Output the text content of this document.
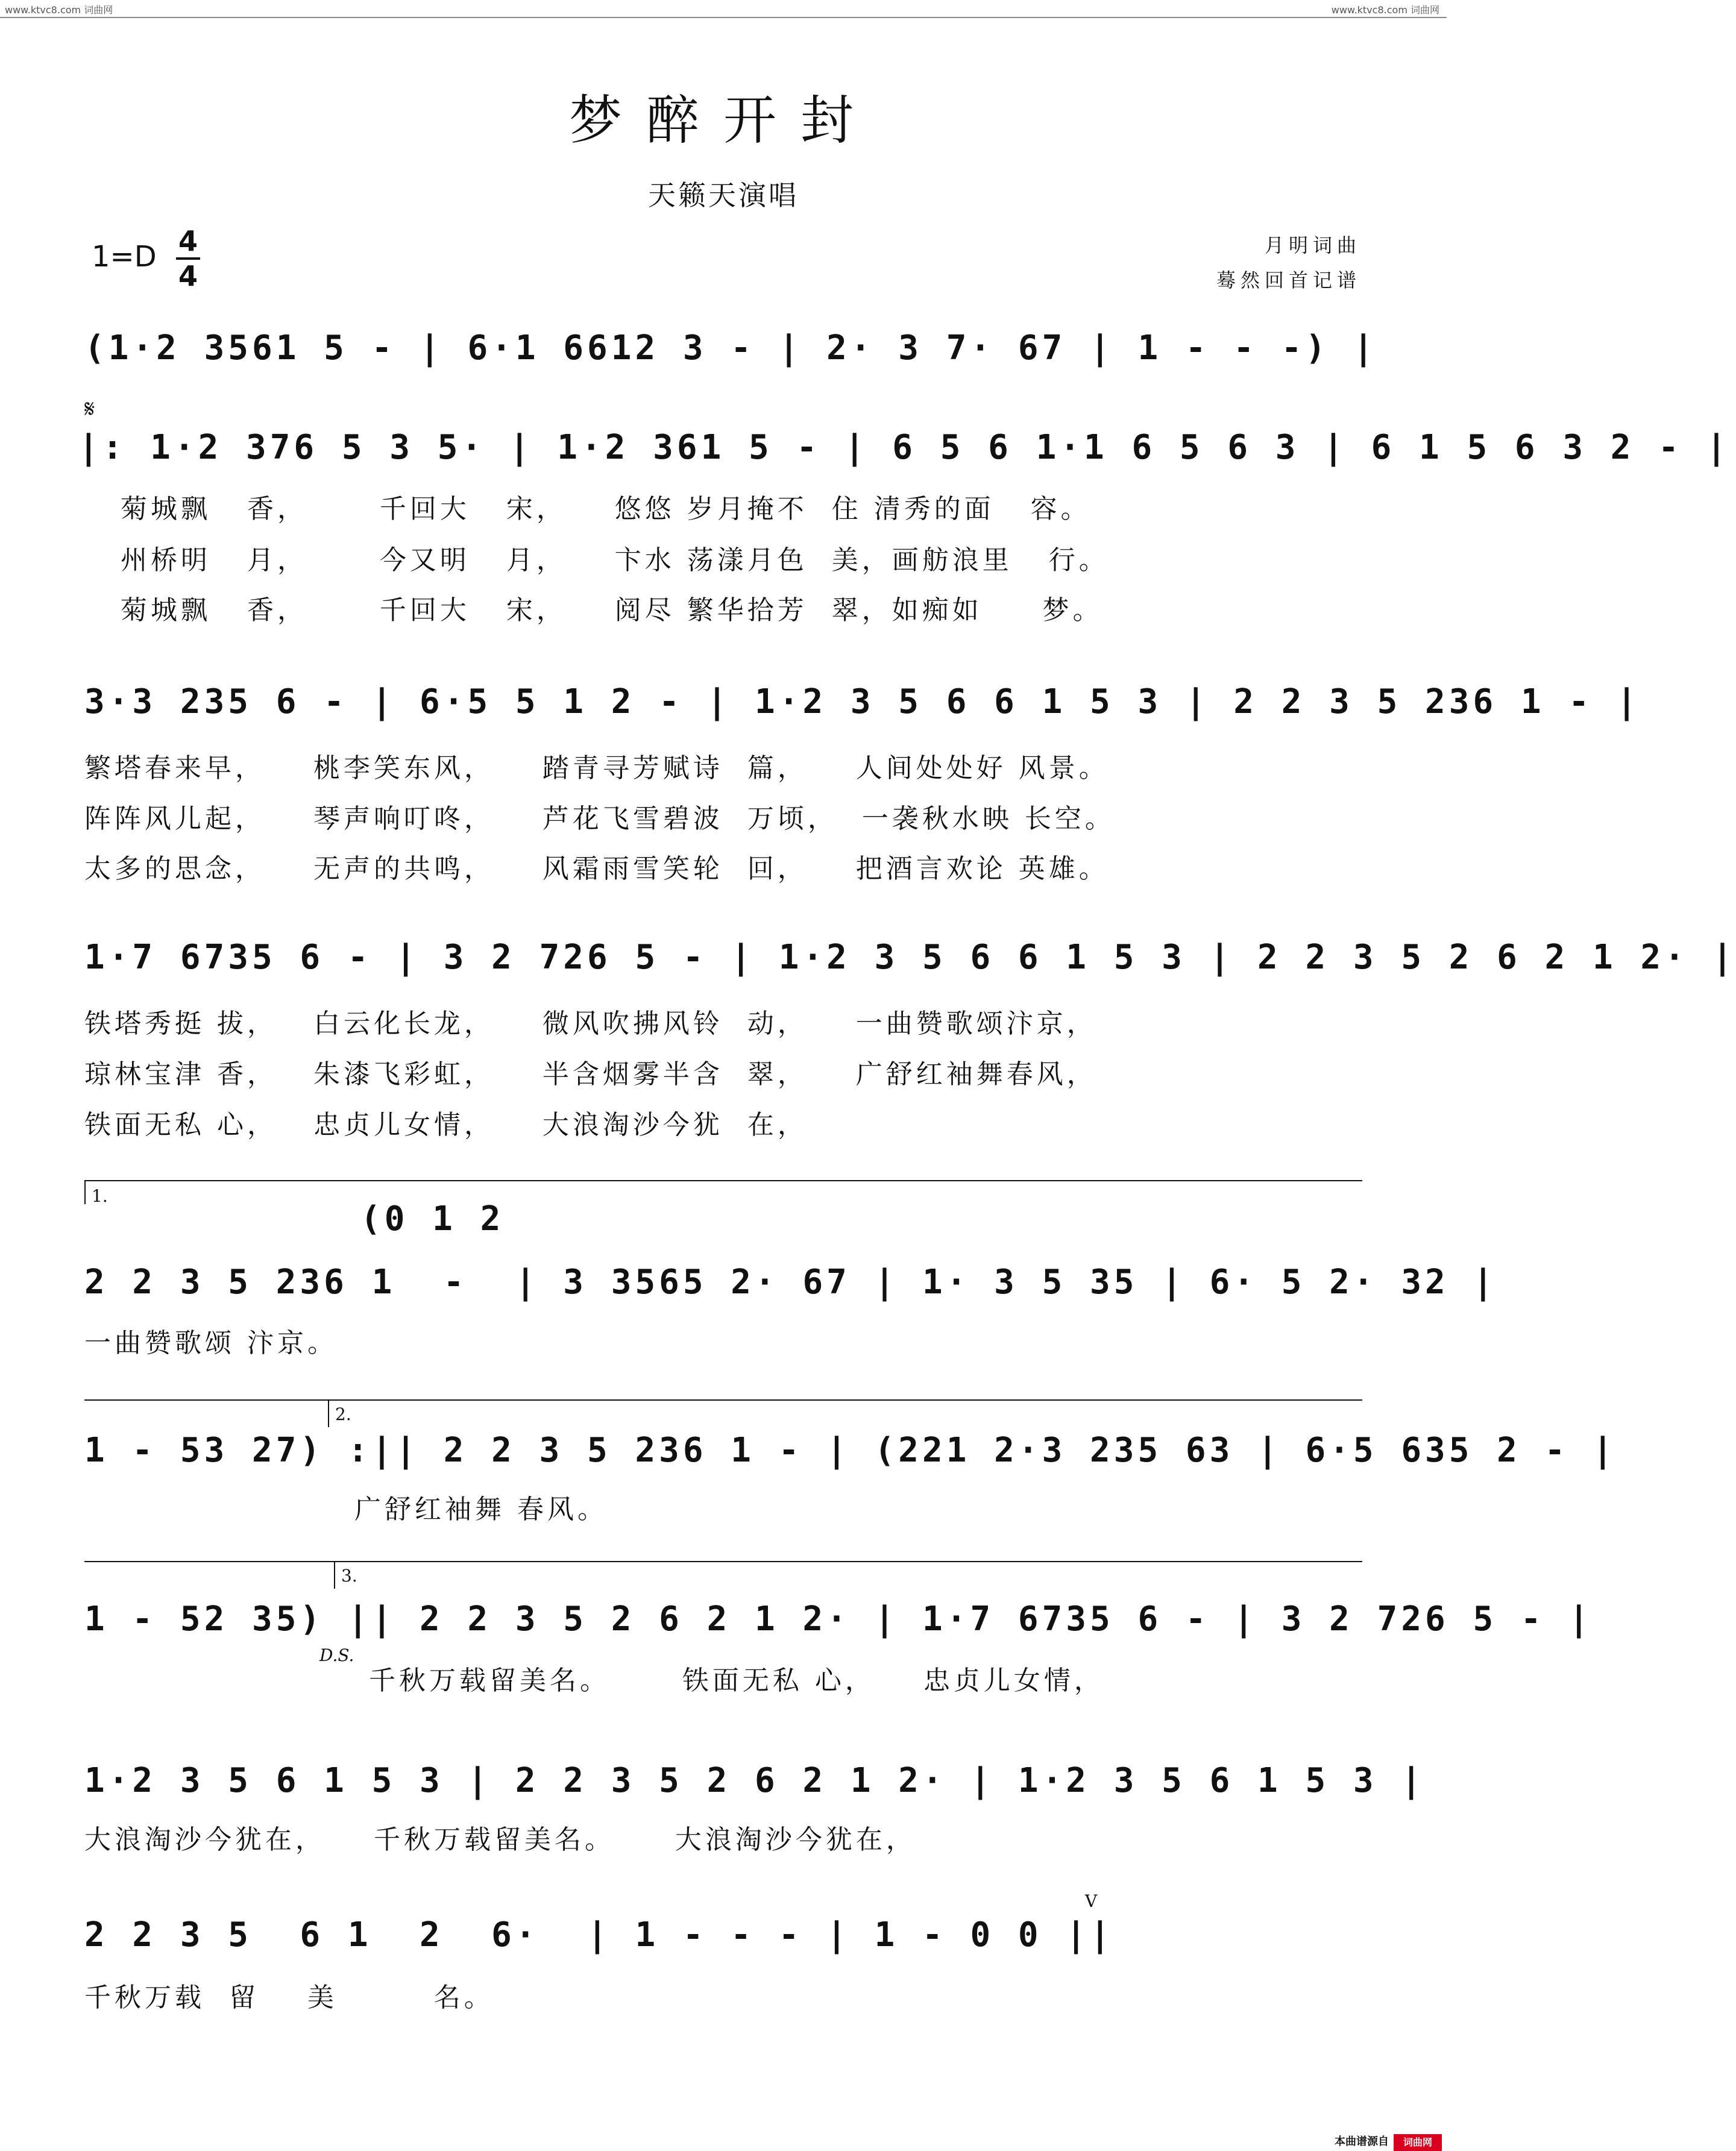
www.ktvc8.com 词曲网	www.ktvc8.com 词曲网
梦醉开封
天籁天演唱
1=D 4
4
月明词曲
蓦然回首记谱
(1·2 3561 5 - | 6·1 6612 3 - | 2· 3 7· 67 | 1 - - -) |
𝄋
|: 1·2 376 5 3 5· | 1·2 361 5 - | 6 5 6 1·1 6 5 6 3 | 6 1 5 6 3 2 - |
菊城飘   香，      千回大   宋，    悠悠 岁月掩不  住 清秀的面   容。
州桥明   月，      今又明   月，    卞水 荡漾月色  美，画舫浪里   行。
菊城飘   香，      千回大   宋，    阅尽 繁华拾芳  翠，如痴如     梦。
3·3 235 6 - | 6·5 5 1 2 - | 1·2 3 5 6 6 1 5 3 | 2 2 3 5 236 1 - |
繁塔春来早，    桃李笑东风，    踏青寻芳赋诗  篇，    人间处处好 风景。
阵阵风儿起，    琴声响叮咚，    芦花飞雪碧波  万顷，  一袭秋水映 长空。
太多的思念，    无声的共鸣，    风霜雨雪笑轮  回，    把酒言欢论 英雄。
1·7 6735 6 - | 3 2 726 5 - | 1·2 3 5 6 6 1 5 3 | 2 2 3 5 2 6 2 1 2· |
铁塔秀挺 拔，   白云化长龙，    微风吹拂风铃  动，    一曲赞歌颂汴京，
琼林宝津 香，   朱漆飞彩虹，    半含烟雾半含  翠，    广舒红袖舞春风，
铁面无私 心，   忠贞儿女情，    大浪淘沙今犹  在，
1.
(0 1 2
2 2 3 5 236 1  -  | 3 3565 2· 67 | 1· 3 5 35 | 6· 5 2· 32 |
一曲赞歌颂 汴京。
2.
1 - 53 27) :|| 2 2 3 5 236 1 - | (221 2·3 235 63 | 6·5 635 2 - |
广舒红袖舞 春风。
3.
1 - 52 35) || 2 2 3 5 2 6 2 1 2· | 1·7 6735 6 - | 3 2 726 5 - |
D.S.
千秋万载留美名。      铁面无私 心，    忠贞儿女情，
1·2 3 5 6 1 5 3 | 2 2 3 5 2 6 2 1 2· | 1·2 3 5 6 1 5 3 |
大浪淘沙今犹在，    千秋万载留美名。     大浪淘沙今犹在，
V
2 2 3 5  6 1  2  6·  | 1 - - - | 1 - 0 0 ||
千秋万载  留    美        名。
本曲谱源自	词曲网
